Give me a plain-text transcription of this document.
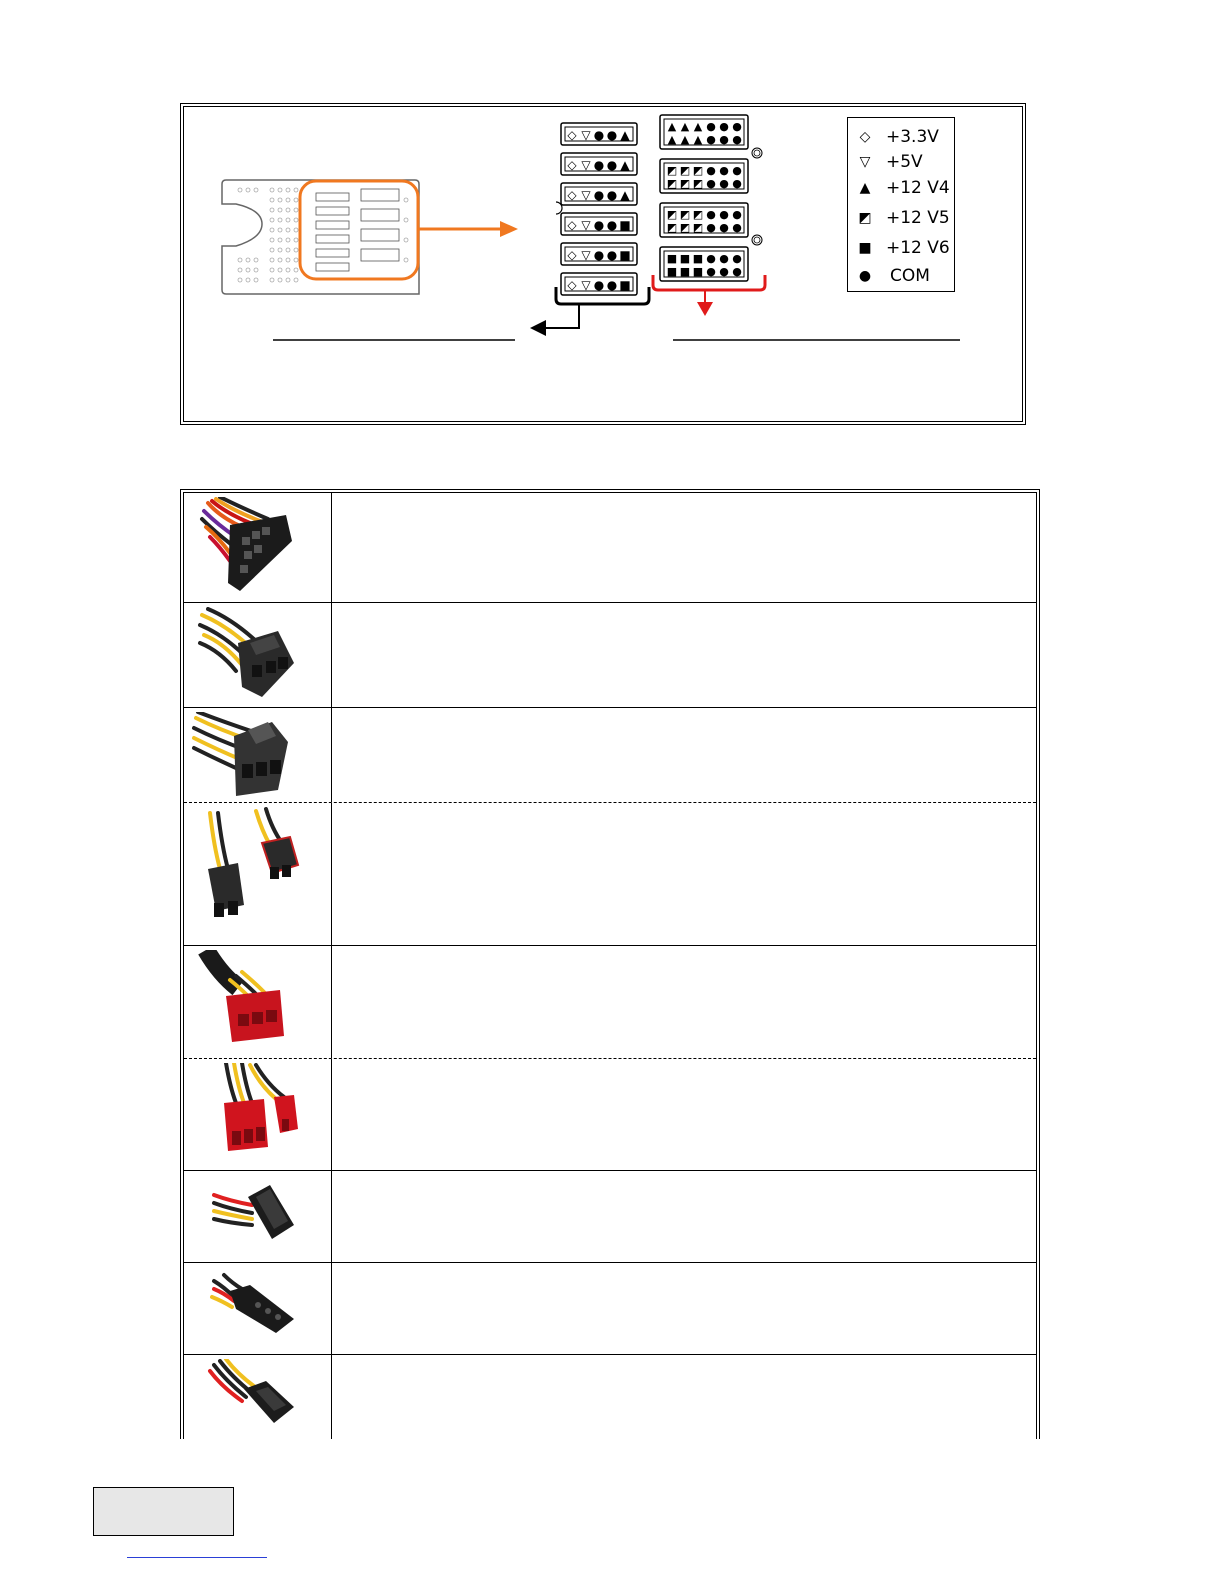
◇ ▽ ● ● ▲
◇ ▽ ● ● ▲
◇ ▽ ● ● ▲
◇ ▽ ● ● ■
◇ ▽ ● ● ■
◇ ▽ ● ● ■
▲ ▲ ▲ ● ● ●
▲ ▲ ▲ ● ● ●
◩ ◩ ◩ ● ● ●
◩ ◩ ◩ ● ● ●
◩ ◩ ◩ ● ● ●
◩ ◩ ◩ ● ● ●
■ ■ ■ ● ● ●
■ ■ ■ ● ● ●
◇ +3.3V
▽ +5V
▲ +12 V4
◩ +12 V5
■ +12 V6
● COM
